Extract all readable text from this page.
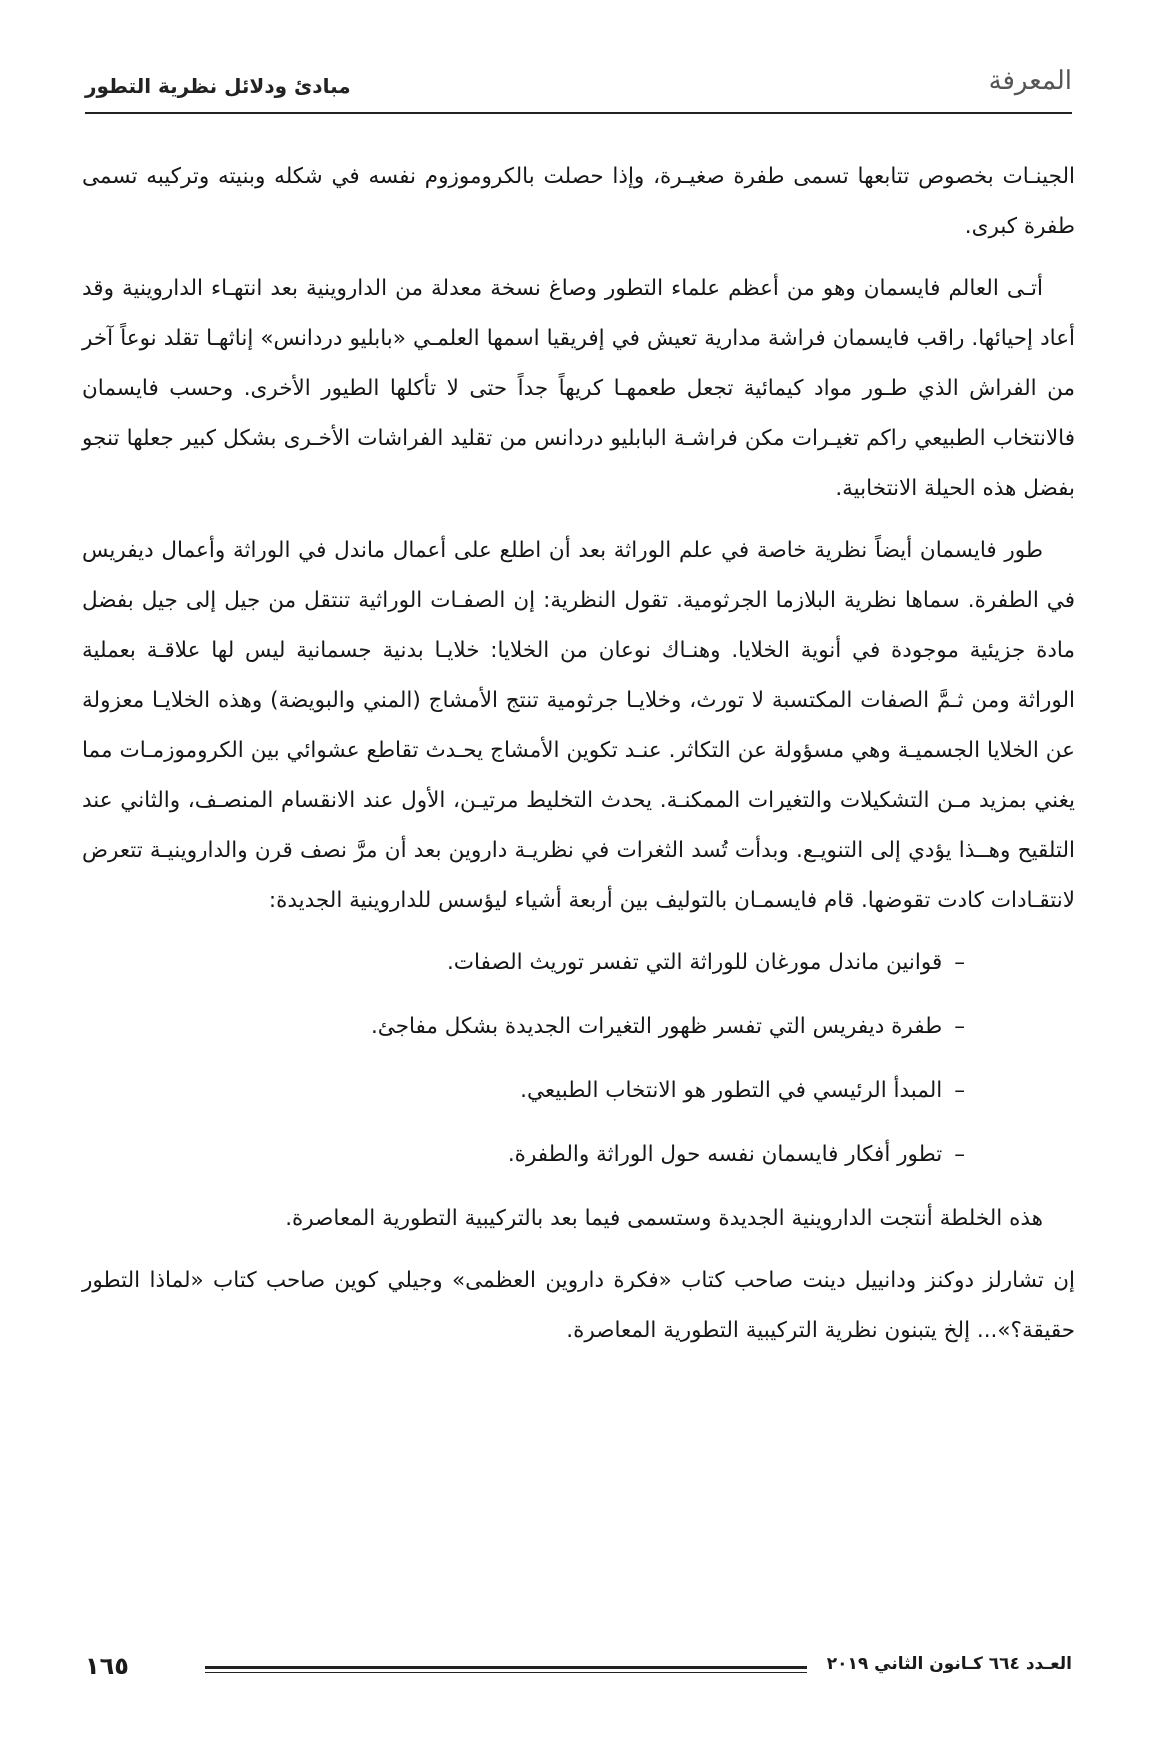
مبادئ ودلائل نظرية التطور	المعرفة

الجينـات بخصوص تتابعها تسمى طفرة صغيـرة، وإذا حصلت بالكروموزوم نفسه في شكله وبنيته وتركيبه تسمى طفرة كبرى.

أتـى العالم فايسمان وهو من أعظم علماء التطور وصاغ نسخة معدلة من الداروينية بعد انتهـاء الداروينية وقد أعاد إحيائها. راقب فايسمان فراشة مدارية تعيش في إفريقيا اسمها العلمـي «بابليو دردانس» إناثهـا تقلد نوعاً آخر من الفراش الذي طـور مواد كيمائية تجعل طعمهـا كريهاً جداً حتى لا تأكلها الطيور الأخرى. وحسب فايسمان فالانتخاب الطبيعي راكم تغيـرات مكن فراشـة البابليو دردانس من تقليد الفراشات الأخـرى بشكل كبير جعلها تنجو بفضل هذه الحيلة الانتخابية.

طور فايسمان أيضاً نظرية خاصة في علم الوراثة بعد أن اطلع على أعمال ماندل في الوراثة وأعمال ديفريس في الطفرة. سماها نظرية البلازما الجرثومية. تقول النظرية: إن الصفـات الوراثية تنتقل من جيل إلى جيل بفضل مادة جزيئية موجودة في أنوية الخلايا. وهنـاك نوعان من الخلايا: خلايـا بدنية جسمانية ليس لها علاقـة بعملية الوراثة ومن ثـمَّ الصفات المكتسبة لا تورث، وخلايـا جرثومية تنتج الأمشاج (المني والبويضة) وهذه الخلايـا معزولة عن الخلايا الجسميـة وهي مسؤولة عن التكاثر. عنـد تكوين الأمشاج يحـدث تقاطع عشوائي بين الكروموزمـات مما يغني بمزيد مـن التشكيلات والتغيرات الممكنـة. يحدث التخليط مرتيـن، الأول عند الانقسام المنصـف، والثاني عند التلقيح وهــذا يؤدي إلى التنويـع. وبدأت تُسد الثغرات في نظريـة داروين بعد أن مرَّ نصف قرن والداروينيـة تتعرض لانتقـادات كادت تقوضها. قام فايسمـان بالتوليف بين أربعة أشياء ليؤسس للداروينية الجديدة:

–قوانين ماندل مورغان للوراثة التي تفسر توريث الصفات.
–طفرة ديفريس التي تفسر ظهور التغيرات الجديدة بشكل مفاجئ.
–المبدأ الرئيسي في التطور هو الانتخاب الطبيعي.
–تطور أفكار فايسمان نفسه حول الوراثة والطفرة.

هذه الخلطة أنتجت الداروينية الجديدة وستسمى فيما بعد بالتركيبية التطورية المعاصرة.

إن تشارلز دوكنز ودانييل دينت صاحب كتاب «فكرة داروين العظمى» وجيلي كوين صاحب كتاب «لماذا التطور حقيقة؟»... إلخ يتبنون نظرية التركيبية التطورية المعاصرة.

١٦٥	العـدد ٦٦٤ كـانون الثاني ٢٠١٩
